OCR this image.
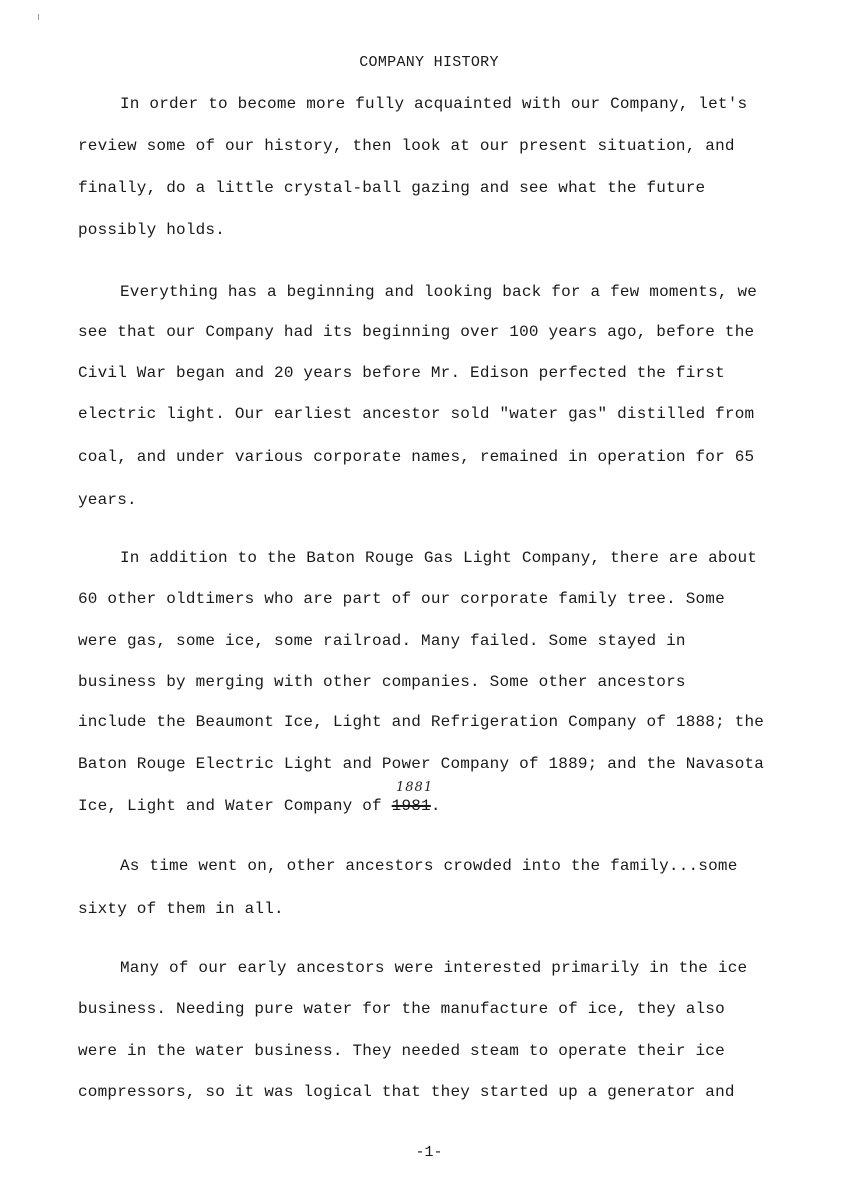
COMPANY HISTORY
In order to become more fully acquainted with our Company, let's
review some of our history, then look at our present situation, and
finally, do a little crystal-ball gazing and see what the future
possibly holds.
Everything has a beginning and looking back for a few moments, we
see that our Company had its beginning over 100 years ago, before the
Civil War began and 20 years before Mr. Edison perfected the first
electric light. Our earliest ancestor sold "water gas" distilled from
coal, and under various corporate names, remained in operation for 65
years.
In addition to the Baton Rouge Gas Light Company, there are about
60 other oldtimers who are part of our corporate family tree. Some
were gas, some ice, some railroad. Many failed. Some stayed in
business by merging with other companies. Some other ancestors
include the Beaumont Ice, Light and Refrigeration Company of 1888; the
Baton Rouge Electric Light and Power Company of 1889; and the Navasota
1881
Ice, Light and Water Company of 1981.
As time went on, other ancestors crowded into the family...some
sixty of them in all.
Many of our early ancestors were interested primarily in the ice
business. Needing pure water for the manufacture of ice, they also
were in the water business. They needed steam to operate their ice
compressors, so it was logical that they started up a generator and
-1-
